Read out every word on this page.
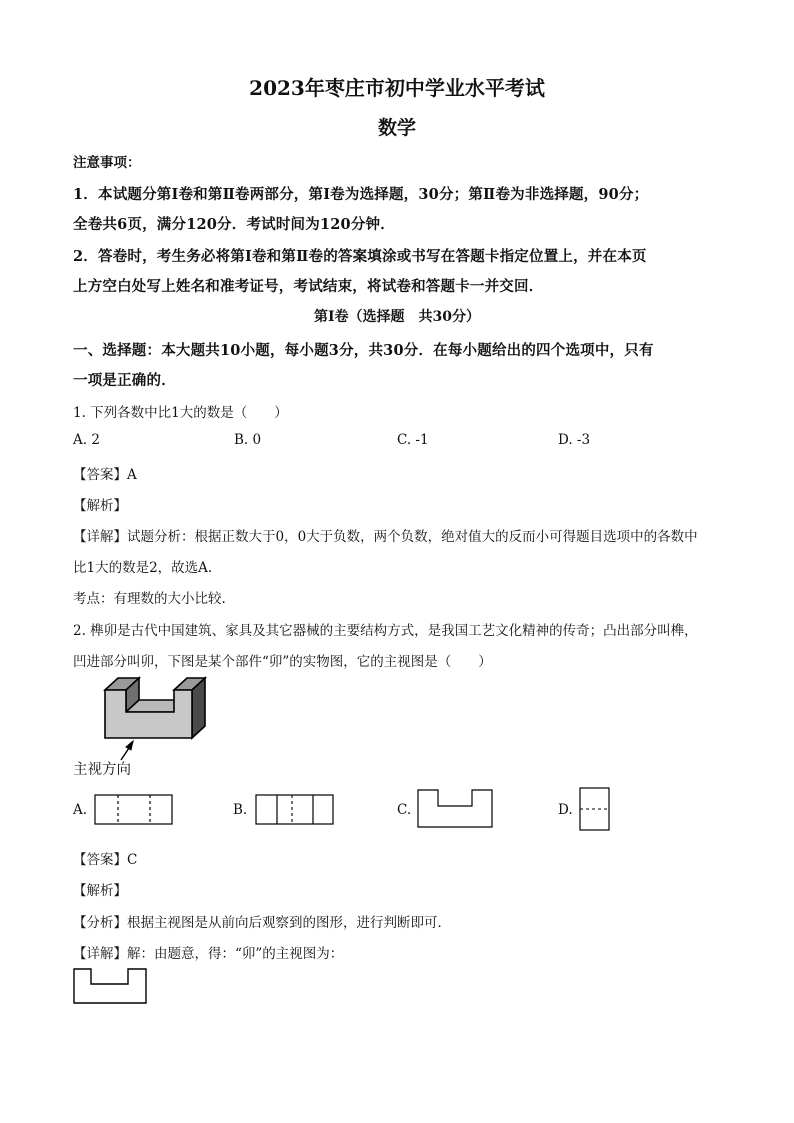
2023年枣庄市初中学业水平考试
数学
注意事项：
1．本试题分第Ⅰ卷和第Ⅱ卷两部分，第Ⅰ卷为选择题，30分；第Ⅱ卷为非选择题，90分；
全卷共6页，满分120分．考试时间为120分钟．
2．答卷时，考生务必将第Ⅰ卷和第Ⅱ卷的答案填涂或书写在答题卡指定位置上，并在本页
上方空白处写上姓名和准考证号，考试结束，将试卷和答题卡一并交回．
第Ⅰ卷（选择题　共30分）
一、选择题：本大题共10小题，每小题3分，共30分．在每小题给出的四个选项中，只有
一项是正确的．
1. 下列各数中比1大的数是（　　）
A. 2	B. 0	C. -1	D. -3
【答案】A
【解析】
【详解】试题分析：根据正数大于0，0大于负数，两个负数，绝对值大的反而小可得题目选项中的各数中
比1大的数是2，故选A.
考点：有理数的大小比较.
2. 榫卯是古代中国建筑、家具及其它器械的主要结构方式，是我国工艺文化精神的传奇；凸出部分叫榫，
凹进部分叫卯，下图是某个部件“卯”的实物图，它的主视图是（　　）
主视方向
A.	B.	C.	D.
【答案】C
【解析】
【分析】根据主视图是从前向后观察到的图形，进行判断即可．
【详解】解：由题意，得：“卯”的主视图为：
